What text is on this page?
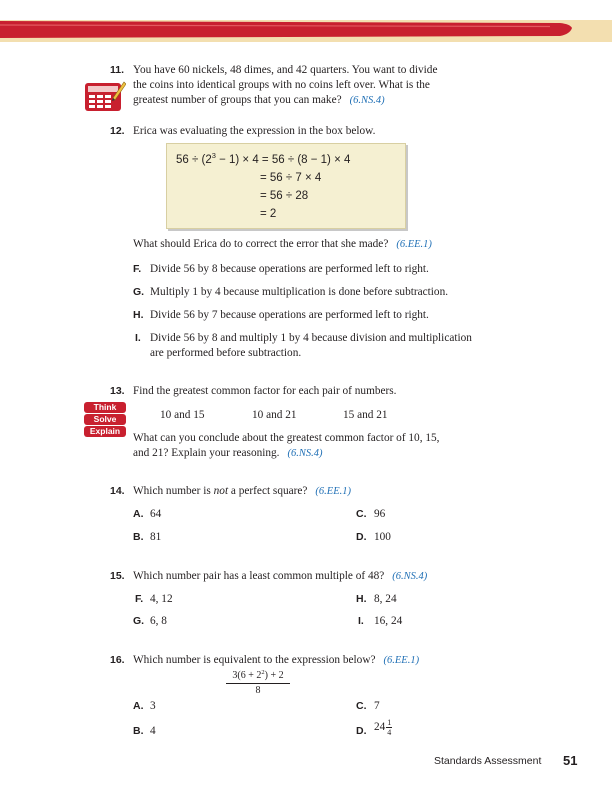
11. You have 60 nickels, 48 dimes, and 42 quarters. You want to divide
the coins into identical groups with no coins left over. What is the
greatest number of groups that you can make? (6.NS.4)
12. Erica was evaluating the expression in the box below.
$56 \div (2^3 - 1) \times 4 = 56 \div (8 - 1) \times 4$
= 56 ÷ 7 × 4
= 56 ÷ 28
= 2
What should Erica do to correct the error that she made? (6.EE.1)
F. Divide 56 by 8 because operations are performed left to right.
G. Multiply 1 by 4 because multiplication is done before subtraction.
H. Divide 56 by 7 because operations are performed left to right.
I. Divide 56 by 8 and multiply 1 by 4 because division and multiplication
are performed before subtraction.
13. Find the greatest common factor for each pair of numbers.
Think
Solve
Explain
10 and 15	10 and 21	15 and 21
What can you conclude about the greatest common factor of 10, 15,
and 21? Explain your reasoning. (6.NS.4)
14. Which number is not a perfect square? (6.EE.1)
A. 64	C. 96
B. 81	D. 100
15. Which number pair has a least common multiple of 48? (6.NS.4)
F. 4, 12	H. 8, 24
G. 6, 8	I. 16, 24
16. Which number is equivalent to the expression below? (6.EE.1)
$\frac{3(6 + 2^2) + 2}{8}$
A. 3	C. 7
B. 4	D. $24 \frac{1}{4}$
Standards Assessment 51
